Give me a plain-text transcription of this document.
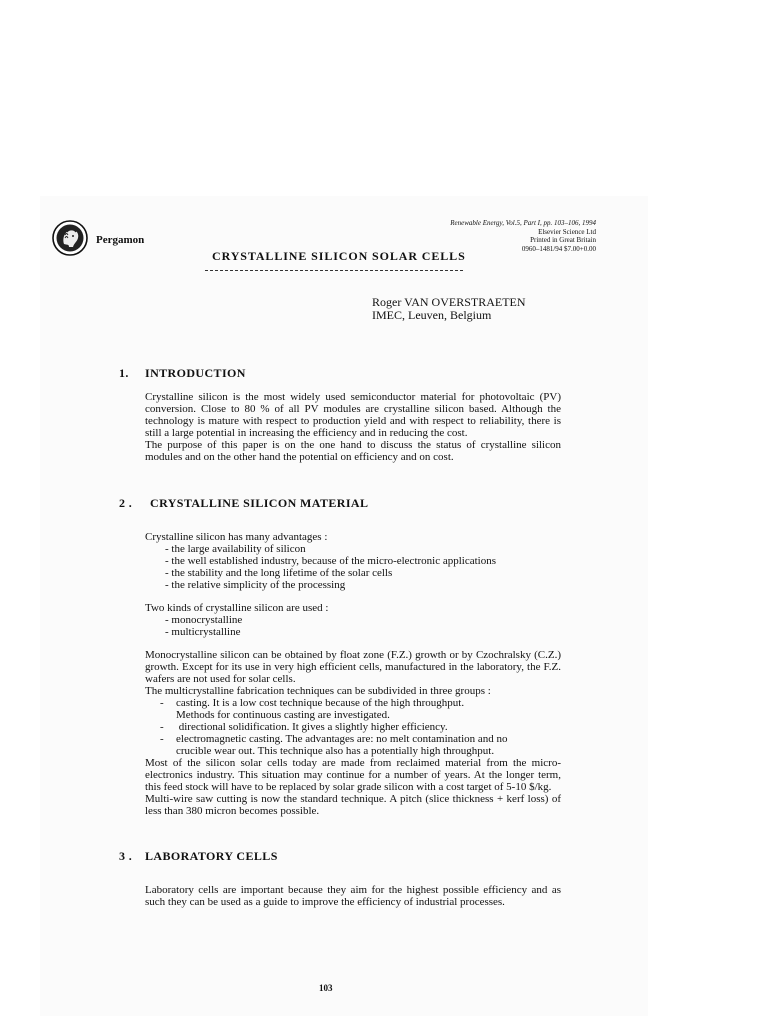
Pergamon
Renewable Energy, Vol.5, Part I, pp. 103–106, 1994
Elsevier Science Ltd
Printed in Great Britain
0960–1481/94 $7.00+0.00
CRYSTALLINE SILICON SOLAR CELLS
Roger VAN OVERSTRAETEN
IMEC, Leuven, Belgium
1. INTRODUCTION

Crystalline silicon is the most widely used semiconductor material for photovoltaic (PV) conversion. Close to 80 % of all PV modules are crystalline silicon based. Although the technology is mature with respect to production yield and with respect to reliability, there is still a large potential in increasing the efficiency and in reducing the cost.

The purpose of this paper is on the one hand to discuss the status of crystalline silicon modules and on the other hand the potential on efficiency and on cost.

2 . CRYSTALLINE SILICON MATERIAL
Crystalline silicon has many advantages :
- the large availability of silicon
- the well established industry, because of the micro-electronic applications
- the stability and the long lifetime of the solar cells
- the relative simplicity of the processing
Two kinds of crystalline silicon are used :
- monocrystalline
- multicrystalline

Monocrystalline silicon can be obtained by float zone (F.Z.) growth or by Czochralsky (C.Z.) growth. Except for its use in very high efficient cells, manufactured in the laboratory, the F.Z. wafers are not used for solar cells.

The multicrystalline fabrication techniques can be subdivided in three groups :

- casting. It is a low cost technique because of the high throughput.
Methods for continuous casting are investigated.
- directional solidification. It gives a slightly higher efficiency.
- electromagnetic casting. The advantages are: no melt contamination and no
crucible wear out. This technique also has a potentially high throughput.

Most of the silicon solar cells today are made from reclaimed material from the micro-electronics industry. This situation may continue for a number of years. At the longer term, this feed stock will have to be replaced by solar grade silicon with a cost target of 5-10 $/kg.

Multi-wire saw cutting is now the standard technique. A pitch (slice thickness + kerf loss) of less than 380 micron becomes possible.

3 . LABORATORY CELLS

Laboratory cells are important because they aim for the highest possible efficiency and as such they can be used as a guide to improve the efficiency of industrial processes.

103
